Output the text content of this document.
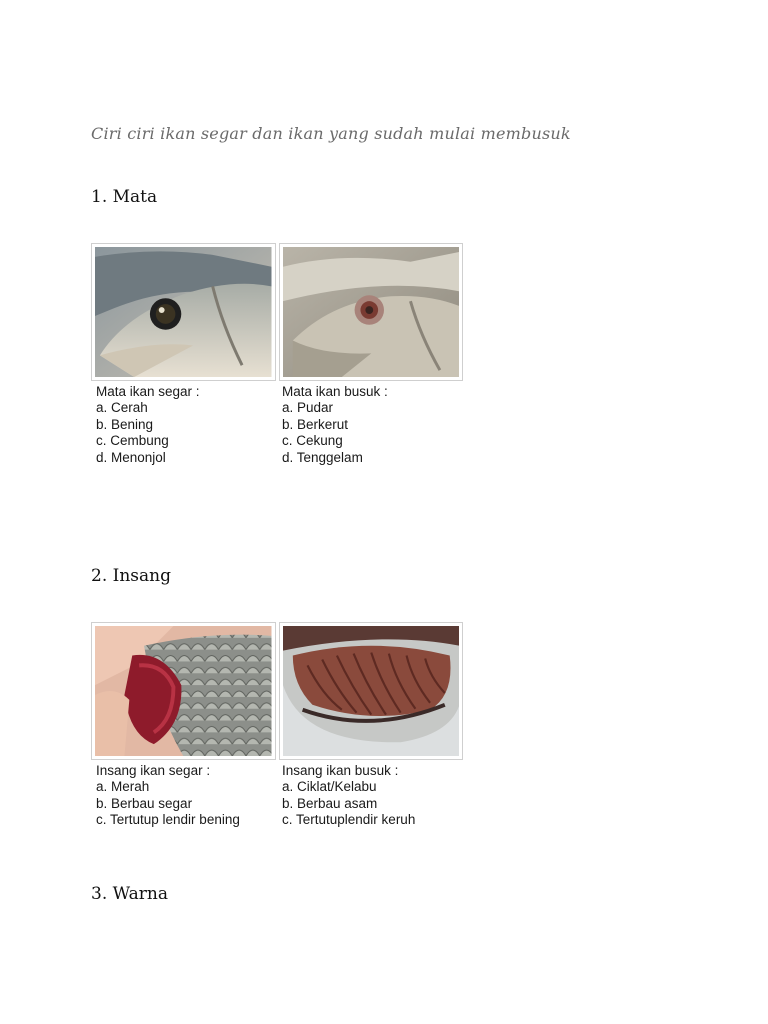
Ciri ciri ikan segar dan ikan yang sudah mulai membusuk
1. Mata
Mata ikan segar :
a. Cerah
b. Bening
c. Cembung
d. Menonjol
Mata ikan busuk :
a. Pudar
b. Berkerut
c. Cekung
d. Tenggelam
2. Insang
Insang ikan segar :
a. Merah
b. Berbau segar
c. Tertutup lendir bening
Insang ikan busuk :
a. Ciklat/Kelabu
b. Berbau asam
c. Tertutuplendir keruh
3. Warna
